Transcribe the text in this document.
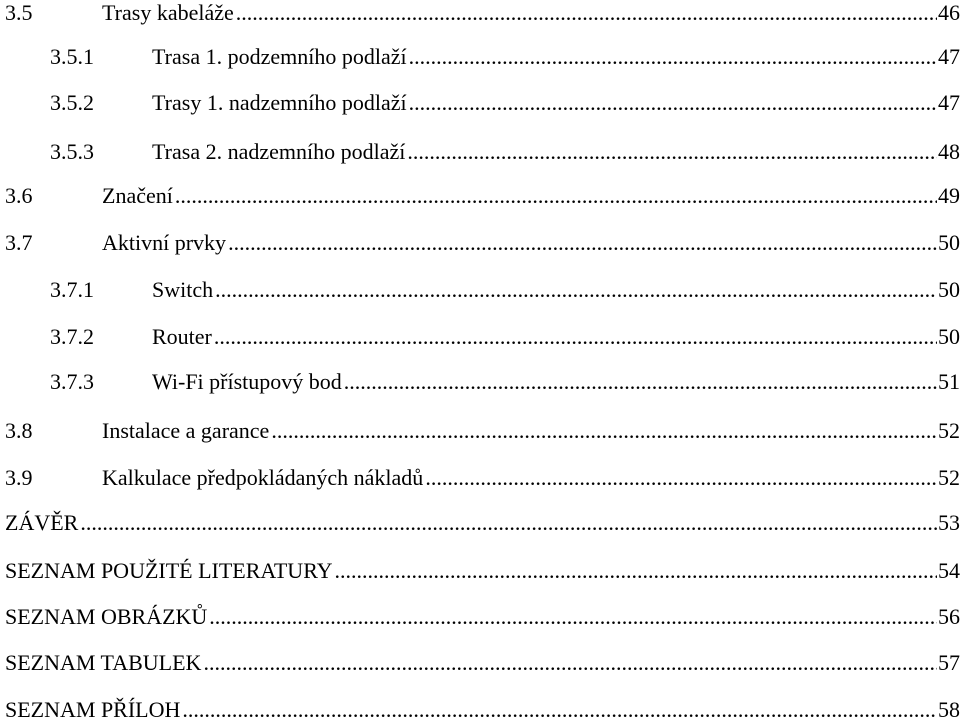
3.5	Trasy kabeláže .....	46
3.5.1	Trasa 1. podzemního podlaží .....	47
3.5.2	Trasy 1. nadzemního podlaží .....	47
3.5.3	Trasa 2. nadzemního podlaží .....	48
3.6	Značení .....	49
3.7	Aktivní prvky .....	50
3.7.1	Switch .....	50
3.7.2	Router .....	50
3.7.3	Wi-Fi přístupový bod .....	51
3.8	Instalace a garance .....	52
3.9	Kalkulace předpokládaných nákladů .....	52
ZÁVĚR .....	53
SEZNAM POUŽITÉ LITERATURY .....	54
SEZNAM OBRÁZKŮ .....	56
SEZNAM TABULEK .....	57
SEZNAM PŘÍLOH .....	58
